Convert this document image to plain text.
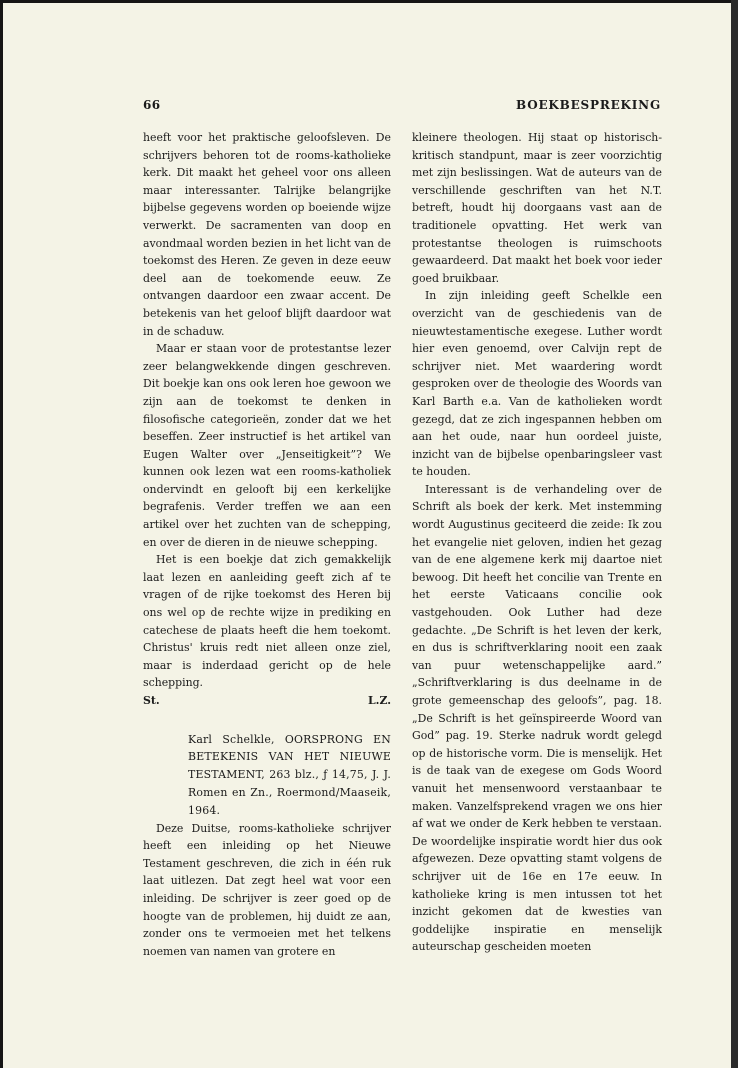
66	BOEKBESPREKING

heeft voor het praktische geloofsleven. De schrijvers behoren tot de rooms-katholieke kerk. Dit maakt het geheel voor ons alleen maar interessanter. Talrijke belangrijke bijbelse gegevens worden op boeiende wijze verwerkt. De sacramenten van doop en avondmaal worden bezien in het licht van de toekomst des Heren. Ze geven in deze eeuw deel aan de toekomende eeuw. Ze ontvangen daardoor een zwaar accent. De betekenis van het geloof blijft daardoor wat in de schaduw.

Maar er staan voor de protestantse lezer zeer belangwekkende dingen geschreven. Dit boekje kan ons ook leren hoe gewoon we zijn aan de toekomst te denken in filosofische categorieën, zonder dat we het beseffen. Zeer instructief is het artikel van Eugen Walter over „Jenseitigkeit”? We kunnen ook lezen wat een rooms-katholiek ondervindt en gelooft bij een kerkelijke begrafenis. Verder treffen we aan een artikel over het zuchten van de schepping, en over de dieren in de nieuwe schepping.

Het is een boekje dat zich gemakkelijk laat lezen en aanleiding geeft zich af te vragen of de rijke toekomst des Heren bij ons wel op de rechte wijze in prediking en catechese de plaats heeft die hem toekomt. Christus' kruis redt niet alleen onze ziel, maar is inderdaad gericht op de hele schepping.

St.	L.Z.

Karl Schelkle, OORSPRONG EN BETEKENIS VAN HET NIEUWE TESTAMENT, 263 blz., ƒ 14,75, J. J. Romen en Zn., Roermond/Maaseik, 1964.

Deze Duitse, rooms-katholieke schrijver heeft een inleiding op het Nieuwe Testament geschreven, die zich in één ruk laat uitlezen. Dat zegt heel wat voor een inleiding. De schrijver is zeer goed op de hoogte van de problemen, hij duidt ze aan, zonder ons te vermoeien met het telkens noemen van namen van grotere en

kleinere theologen. Hij staat op historisch-kritisch standpunt, maar is zeer voorzichtig met zijn beslissingen. Wat de auteurs van de verschillende geschriften van het N.T. betreft, houdt hij doorgaans vast aan de traditionele opvatting. Het werk van protestantse theologen is ruimschoots gewaardeerd. Dat maakt het boek voor ieder goed bruikbaar.

In zijn inleiding geeft Schelkle een overzicht van de geschiedenis van de nieuwtestamentische exegese. Luther wordt hier even genoemd, over Calvijn rept de schrijver niet. Met waardering wordt gesproken over de theologie des Woords van Karl Barth e.a. Van de katholieken wordt gezegd, dat ze zich ingespannen hebben om aan het oude, naar hun oordeel juiste, inzicht van de bijbelse openbaringsleer vast te houden.

Interessant is de verhandeling over de Schrift als boek der kerk. Met instemming wordt Augustinus geciteerd die zeide: Ik zou het evangelie niet geloven, indien het gezag van de ene algemene kerk mij daartoe niet bewoog. Dit heeft het concilie van Trente en het eerste Vaticaans concilie ook vastgehouden. Ook Luther had deze gedachte. „De Schrift is het leven der kerk, en dus is schriftverklaring nooit een zaak van puur wetenschappelijke aard.” „Schriftverklaring is dus deelname in de grote gemeenschap des geloofs”, pag. 18. „De Schrift is het geïnspireerde Woord van God” pag. 19. Sterke nadruk wordt gelegd op de historische vorm. Die is menselijk. Het is de taak van de exegese om Gods Woord vanuit het mensenwoord verstaanbaar te maken. Vanzelfsprekend vragen we ons hier af wat we onder de Kerk hebben te verstaan. De woordelijke inspiratie wordt hier dus ook afgewezen. Deze opvatting stamt volgens de schrijver uit de 16e en 17e eeuw. In katholieke kring is men intussen tot het inzicht gekomen dat de kwesties van goddelijke inspiratie en menselijk auteurschap gescheiden moeten
